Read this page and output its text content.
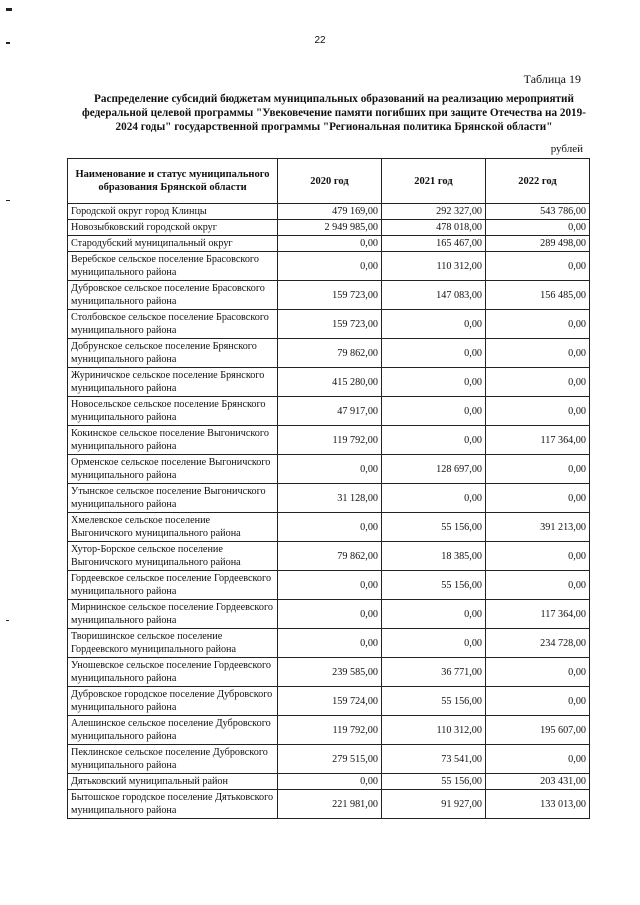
22
Таблица 19
Распределение субсидий бюджетам муниципальных образований на реализацию мероприятий федеральной целевой программы "Увековечение памяти погибших при защите Отечества на 2019-2024 годы" государственной программы "Региональная политика Брянской области"
рублей
Наименование и статус муниципального образования Брянской области	2020 год	2021 год	2022 год
Городской округ город Клинцы	479 169,00	292 327,00	543 786,00
Новозыбковский городской округ	2 949 985,00	478 018,00	0,00
Стародубский муниципальный округ	0,00	165 467,00	289 498,00
Веребское сельское поселение Брасовского муниципального района	0,00	110 312,00	0,00
Дубровское сельское поселение Брасовского муниципального района	159 723,00	147 083,00	156 485,00
Столбовское сельское поселение Брасовского муниципального района	159 723,00	0,00	0,00
Добрунское сельское поселение Брянского муниципального района	79 862,00	0,00	0,00
Журиничское сельское поселение Брянского муниципального района	415 280,00	0,00	0,00
Новосельское сельское поселение Брянского муниципального района	47 917,00	0,00	0,00
Кокинское сельское поселение Выгоничского муниципального района	119 792,00	0,00	117 364,00
Орменское сельское поселение Выгоничского муниципального района	0,00	128 697,00	0,00
Утынское сельское поселение Выгоничского муниципального района	31 128,00	0,00	0,00
Хмелевское сельское поселение Выгоничского муниципального района	0,00	55 156,00	391 213,00
Хутор-Борское сельское поселение Выгоничского муниципального района	79 862,00	18 385,00	0,00
Гордеевское сельское поселение Гордеевского муниципального района	0,00	55 156,00	0,00
Мирнинское сельское поселение Гордеевского муниципального района	0,00	0,00	117 364,00
Творишинское сельское поселение Гордеевского муниципального района	0,00	0,00	234 728,00
Уношевское сельское поселение Гордеевского муниципального района	239 585,00	36 771,00	0,00
Дубровское городское поселение Дубровского муниципального района	159 724,00	55 156,00	0,00
Алешинское сельское поселение Дубровского муниципального района	119 792,00	110 312,00	195 607,00
Пеклинское сельское поселение Дубровского муниципального района	279 515,00	73 541,00	0,00
Дятьковский муниципальный район	0,00	55 156,00	203 431,00
Бытошское городское поселение Дятьковского муниципального района	221 981,00	91 927,00	133 013,00
